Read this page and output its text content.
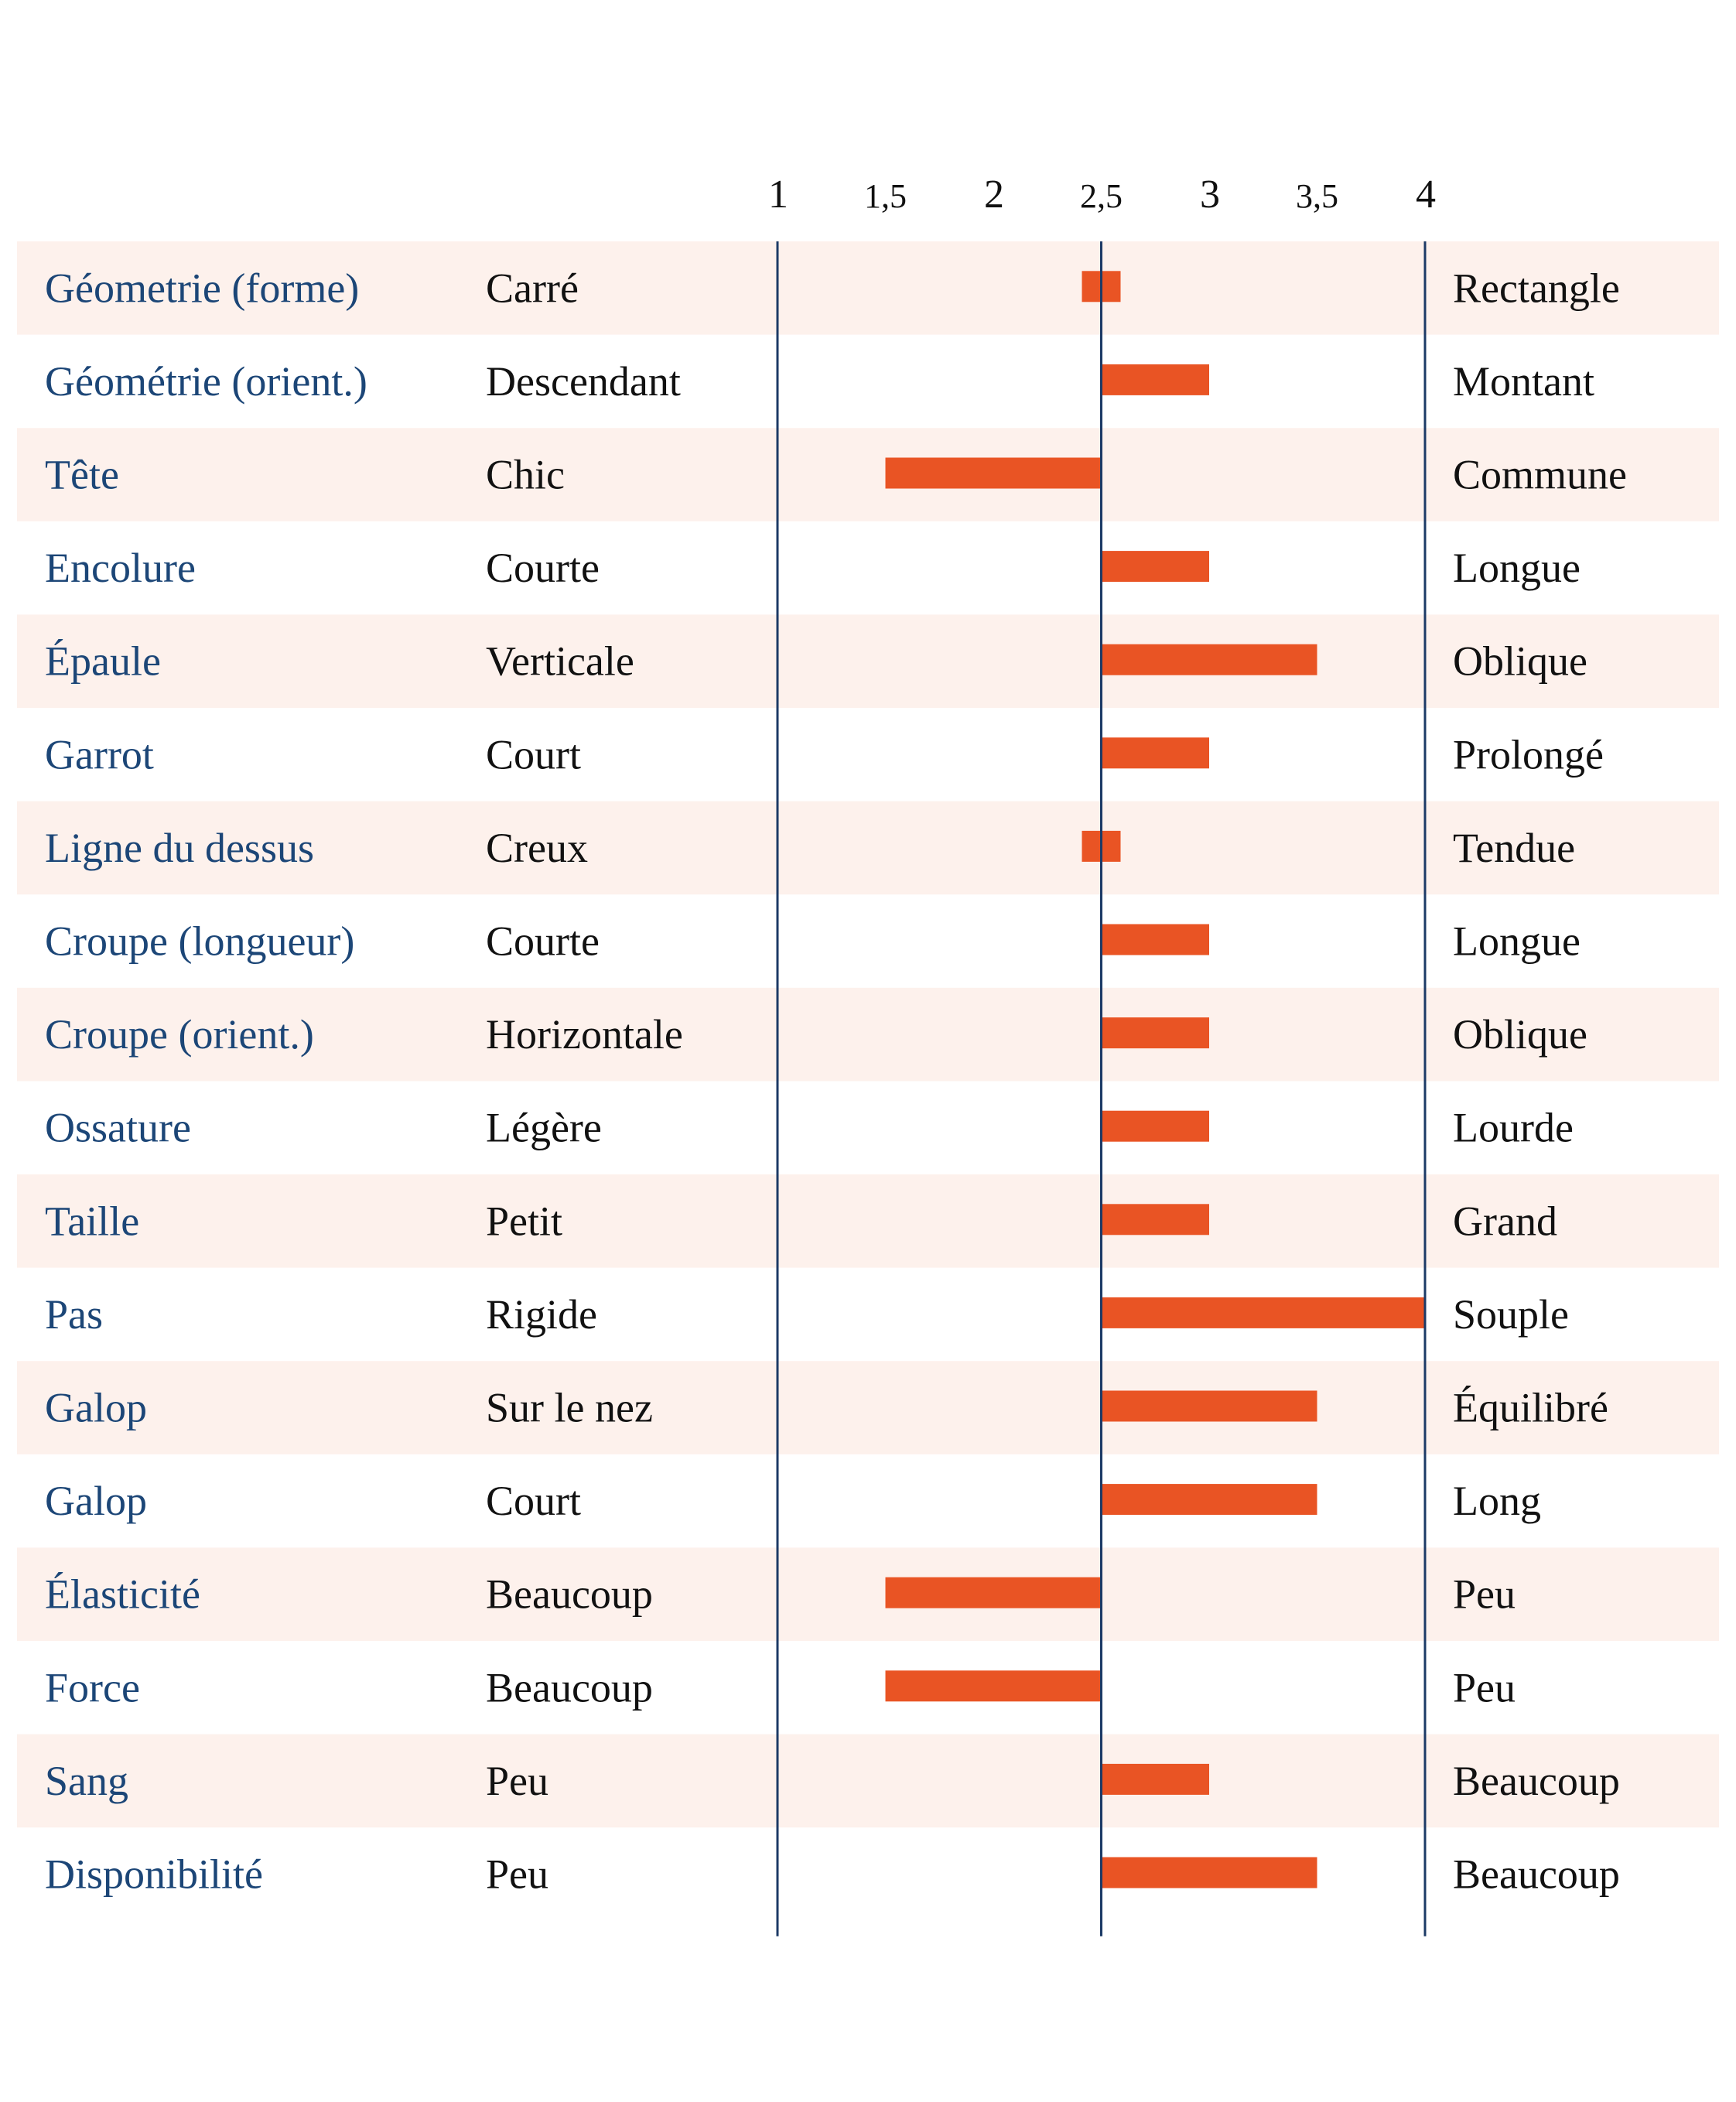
1 1,5 2 2,5 3 3,5 4
Géometrie (forme)	Carré	Rectangle
Géométrie (orient.)	Descendant	Montant
Tête	Chic	Commune
Encolure	Courte	Longue
Épaule	Verticale	Oblique
Garrot	Court	Prolongé
Ligne du dessus	Creux	Tendue
Croupe (longueur)	Courte	Longue
Croupe (orient.)	Horizontale	Oblique
Ossature	Légère	Lourde
Taille	Petit	Grand
Pas	Rigide	Souple
Galop	Sur le nez	Équilibré
Galop	Court	Long
Élasticité	Beaucoup	Peu
Force	Beaucoup	Peu
Sang	Peu	Beaucoup
Disponibilité	Peu	Beaucoup
